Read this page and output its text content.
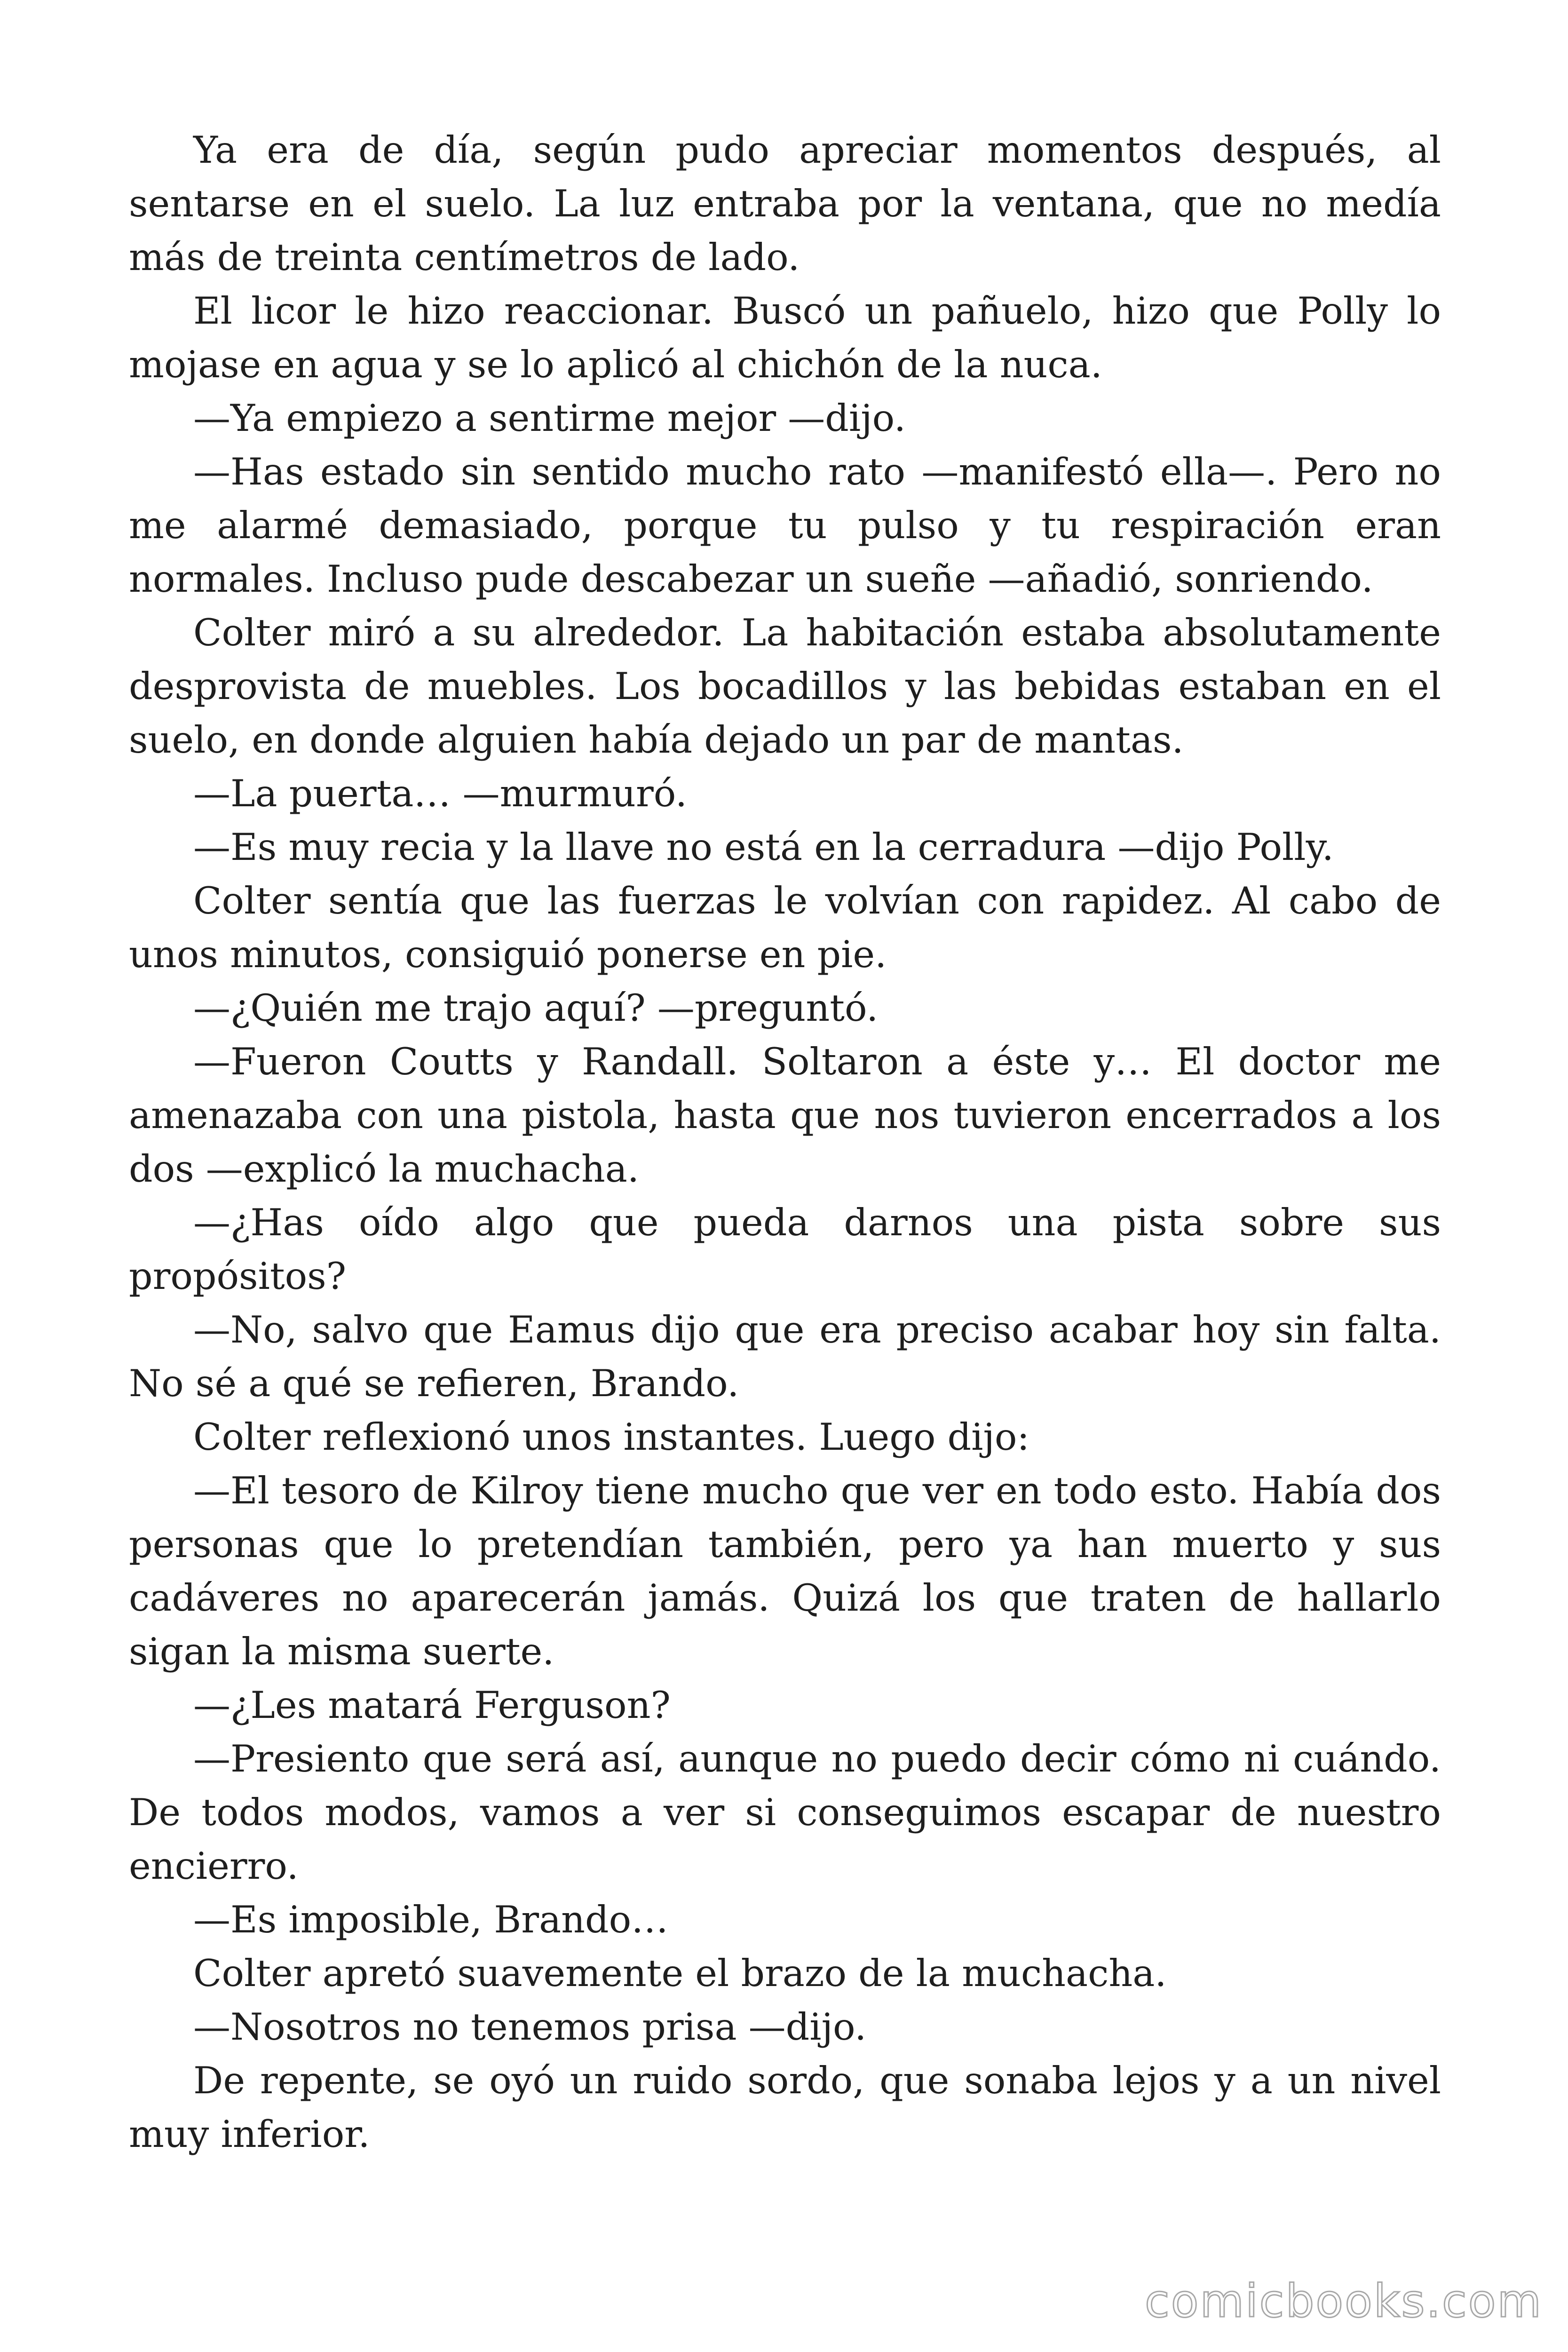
Ya era de día, según pudo apreciar momentos después, al sentarse en el suelo. La luz entraba por la ventana, que no medía más de treinta centímetros de lado.

El licor le hizo reaccionar. Buscó un pañuelo, hizo que Polly lo mojase en agua y se lo aplicó al chichón de la nuca.

—Ya empiezo a sentirme mejor —dijo.

—Has estado sin sentido mucho rato —manifestó ella—. Pero no me alarmé demasiado, porque tu pulso y tu respiración eran normales. Incluso pude descabezar un sueñe —añadió, sonriendo.

Colter miró a su alrededor. La habitación estaba absolutamente desprovista de muebles. Los bocadillos y las bebidas estaban en el suelo, en donde alguien había dejado un par de mantas.

—La puerta… —murmuró.

—Es muy recia y la llave no está en la cerradura —dijo Polly.

Colter sentía que las fuerzas le volvían con rapidez. Al cabo de unos minutos, consiguió ponerse en pie.

—¿Quién me trajo aquí? —preguntó.

—Fueron Coutts y Randall. Soltaron a éste y… El doctor me amenazaba con una pistola, hasta que nos tuvieron encerrados a los dos —explicó la muchacha.

—¿Has oído algo que pueda darnos una pista sobre sus propósitos?

—No, salvo que Eamus dijo que era preciso acabar hoy sin falta. No sé a qué se refieren, Brando.

Colter reflexionó unos instantes. Luego dijo:

—El tesoro de Kilroy tiene mucho que ver en todo esto. Había dos personas que lo pretendían también, pero ya han muerto y sus cadáveres no aparecerán jamás. Quizá los que traten de hallarlo sigan la misma suerte.

—¿Les matará Ferguson?

—Presiento que será así, aunque no puedo decir cómo ni cuándo. De todos modos, vamos a ver si conseguimos escapar de nuestro encierro.

—Es imposible, Brando…

Colter apretó suavemente el brazo de la muchacha.

—Nosotros no tenemos prisa —dijo.

De repente, se oyó un ruido sordo, que sonaba lejos y a un nivel muy inferior.

comicbooks.com
